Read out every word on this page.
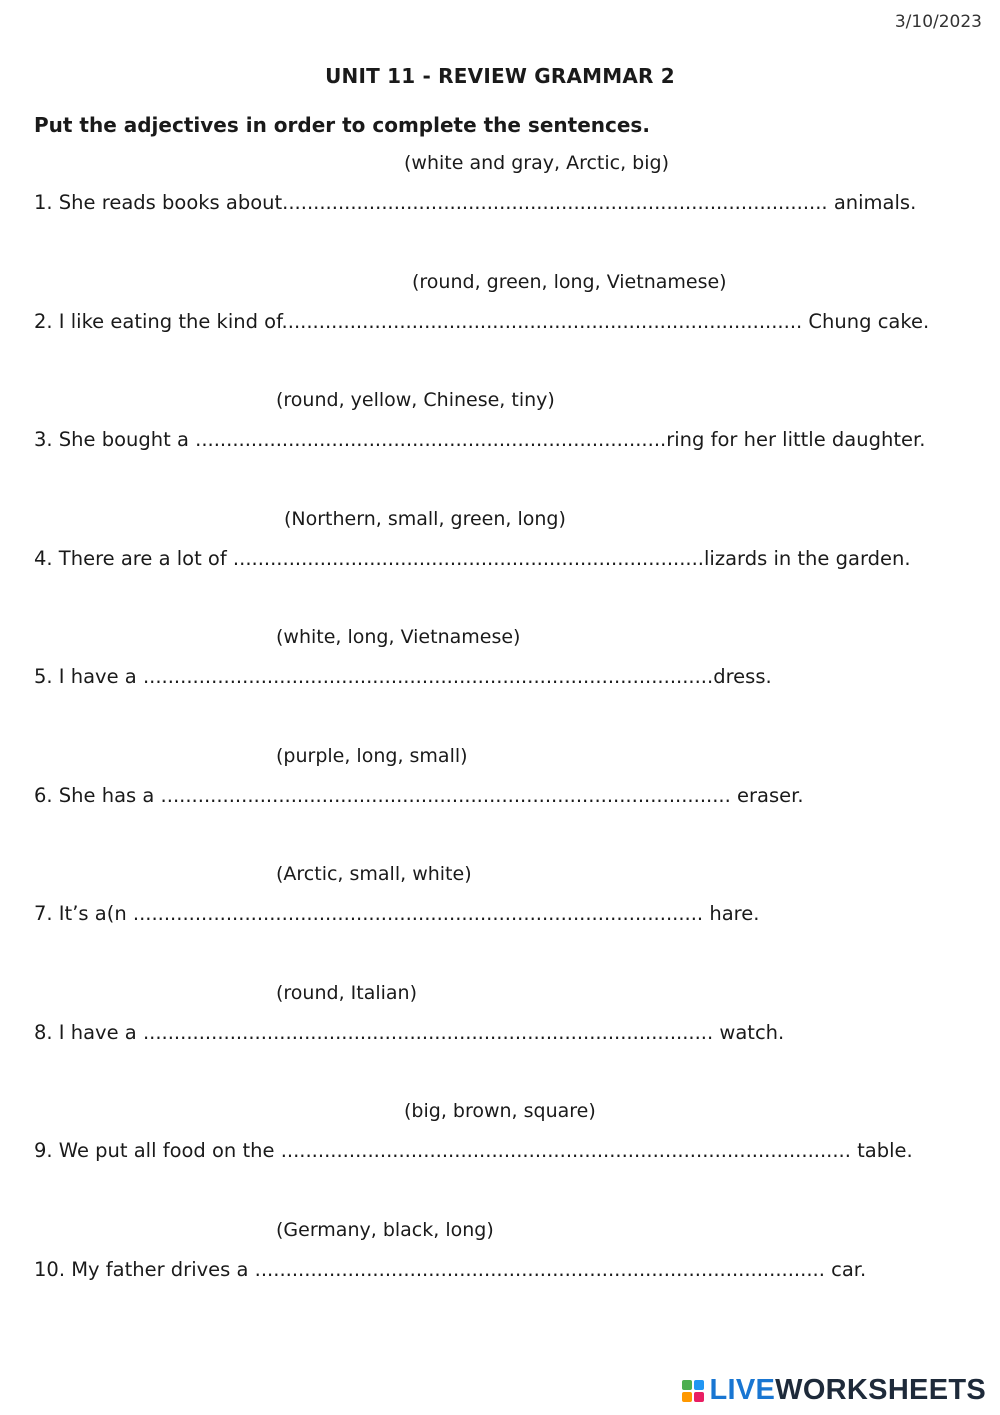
3/10/2023
UNIT 11 - REVIEW GRAMMAR 2
Put the adjectives in order to complete the sentences.
(white and gray, Arctic, big)
1. She reads books about........................................................................................ animals.
(round, green, long, Vietnamese)
2. I like eating the kind of.................................................................................... Chung cake.
(round, yellow, Chinese, tiny)
3. She bought a ............................................................................ring for her little daughter.
(Northern, small, green, long)
4. There are a lot of ............................................................................lizards in the garden.
(white, long, Vietnamese)
5. I have a ............................................................................................dress.
(purple, long, small)
6. She has a ............................................................................................ eraser.
(Arctic, small, white)
7. It’s a(n ............................................................................................ hare.
(round, Italian)
8. I have a ............................................................................................ watch.
(big, brown, square)
9. We put all food on the ............................................................................................ table.
(Germany, black, long)
10. My father drives a ............................................................................................ car.
LIVEWORKSHEETS
